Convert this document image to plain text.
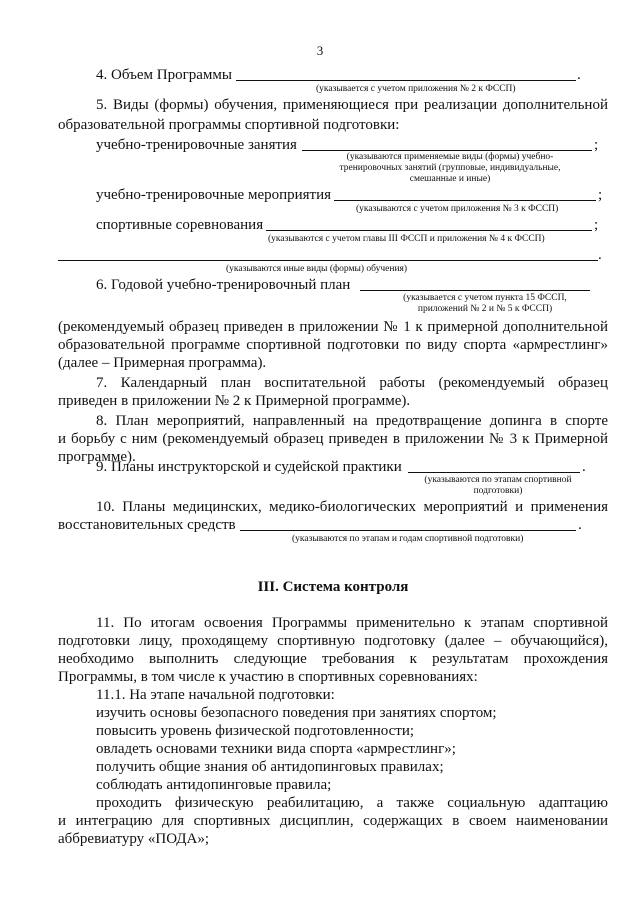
3
4. Объем Программы	.
(указывается с учетом приложения № 2 к ФССП)
5. Виды (формы) обучения, применяющиеся при реализации дополнительной
образовательной программы спортивной подготовки:
учебно-тренировочные занятия	;
(указываются применяемые виды (формы) учебно-
тренировочных занятий (групповые, индивидуальные,
смешанные и иные)
учебно-тренировочные мероприятия	;
(указываются с учетом приложения № 3 к ФССП)
спортивные соревнования	;
(указываются с учетом главы III ФССП и приложения № 4 к ФССП)
.
(указываются иные виды (формы) обучения)
6. Годовой учебно-тренировочный план
(указывается с учетом пункта 15 ФССП,
приложений № 2 и № 5 к ФССП)
(рекомендуемый образец приведен в приложении № 1 к примерной дополнительной
образовательной программе спортивной подготовки по виду спорта «армрестлинг»
(далее – Примерная программа).
7. Календарный план воспитательной работы (рекомендуемый образец
приведен в приложении № 2 к Примерной программе).
8. План мероприятий, направленный на предотвращение допинга в спорте
и борьбу с ним (рекомендуемый образец приведен в приложении № 3 к Примерной
программе).
9. Планы инструкторской и судейской практики	.
(указываются по этапам спортивной
подготовки)
10. Планы медицинских, медико-биологических мероприятий и применения
восстановительных средств	.
(указываются по этапам и годам спортивной подготовки)
III. Система контроля
11. По итогам освоения Программы применительно к этапам спортивной
подготовки лицу, проходящему спортивную подготовку (далее – обучающийся),
необходимо выполнить следующие требования к результатам прохождения
Программы, в том числе к участию в спортивных соревнованиях:
11.1. На этапе начальной подготовки:
изучить основы безопасного поведения при занятиях спортом;
повысить уровень физической подготовленности;
овладеть основами техники вида спорта «армрестлинг»;
получить общие знания об антидопинговых правилах;
соблюдать антидопинговые правила;
проходить физическую реабилитацию, а также социальную адаптацию
и интеграцию для спортивных дисциплин, содержащих в своем наименовании
аббревиатуру «ПОДА»;
